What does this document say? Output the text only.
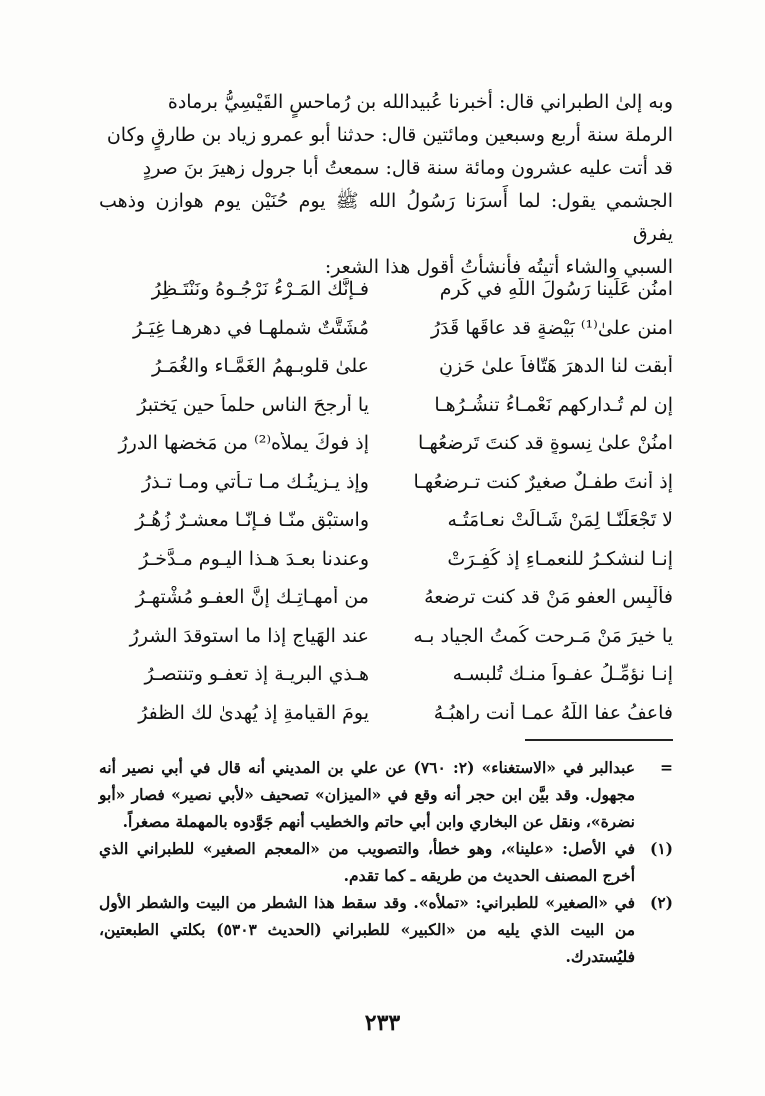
وبه إلىٰ الطبراني قال: أخبرنا عُبيدالله بن رُماحسٍ القَيْسِيُّ برمادة

الرملة سنة أربع وسبعين ومائتين قال: حدثنا أبو عمرو زياد بن طارقٍ وكان

قد أتت عليه عشرون ومائة سنة قال: سمعتُ أبا جرول زهيرَ بنَ صردٍ

الجشمي يقول: لما أَسرَنا رَسُولُ الله ﷺ يوم حُنَيْن يوم هوازن وذهب يفرق

السبي والشاء أتيتُه فأنشأتُ أقول هذا الشعر:

امنُن عَلَينا رَسُولَ اللّهِ في كَرمٍ
فـإنَّك المَـرْءُ نَرْجُـوهُ ونَنْتَـظِرُ
امنن علىٰ⁽¹⁾ بَيْضةٍ قد عاقَها قَدَرُ
مُشَتَّتٌ شملهـا في دهرهـا غِيَـرُ
أبقت لنا الدهرَ هَتّافاً علىٰ حَزنٍ
علىٰ قلوبـهمُ الغَمَّـاء والغُمَـرُ
إن لم تُـداركهم نَعْمـاءُ تنشُـرُهـا
يا أرجحَ الناسِ حلماً حين يَختبرُ
امنُنْ علىٰ نِسوةٍ قد كنتَ تَرضعُهـا
إذ فوكَ يملأه⁽²⁾ من مَخضها الدررُ
إذ أنتَ طفـلٌ صغيرٌ كنت تـرضعُهـا
وإذ يـزينُـك مـا تـأتي ومـا تـذرُ
لا تَجْعَلَنّـا لِمَنْ شَـالَتْ نعـامَتُـه
واستبْقِ منّـا فـإنّـا معشـرٌ زُهُـرُ
إنـا لنشكـرُ للنعمـاءِ إذ كُفِـرَتْ
وعندنا بعـدَ هـذا اليـوم مـدَّخـرُ
فألْبِس العفو مَنْ قد كنت ترضعهُ
من أمهـاتِـك إنَّ العفـو مُشْتهـرُ
يا خيرَ مَنْ مَـرحت كُمتُ الجياد بـه
عند الهَياجِ إذا ما استوقدَ الشررُ
إنـا نؤمِّـلُ عفـواً منـك تُلبسـه
هـذي البريـة إذ تعفـو وتنتصـرُ
فاعفُ عفا اللّهُ عمـا أنت راهبُـهُ
يومَ القيامةِ إذ يُهدىٰ لك الظفرُ

=
عبدالبر في «الاستغناء» (٢: ٧٦٠) عن علي بن المديني أنه قال في أبي نصير أنه مجهول. وقد بيَّن ابن حجر أنه وقع في «الميزان» تصحيف «لأبي نصير» فصار «أبو نضرة»، ونقل عن البخاري وابن أبي حاتم والخطيب أنهم جَوَّدوه بالمهملة مصغراً.

(١)
في الأصل: «علينا»، وهو خطأ، والتصويب من «المعجم الصغير» للطبراني الذي أخرج المصنف الحديث من طريقه ـ كما تقدم.

(٢)
في «الصغير» للطبراني: «تملأه». وقد سقط هذا الشطر من البيت والشطر الأول من البيت الذي يليه من «الكبير» للطبراني (الحديث ٥٣٠٣) بكلتي الطبعتين، فليُستدرك.

٢٣٣
